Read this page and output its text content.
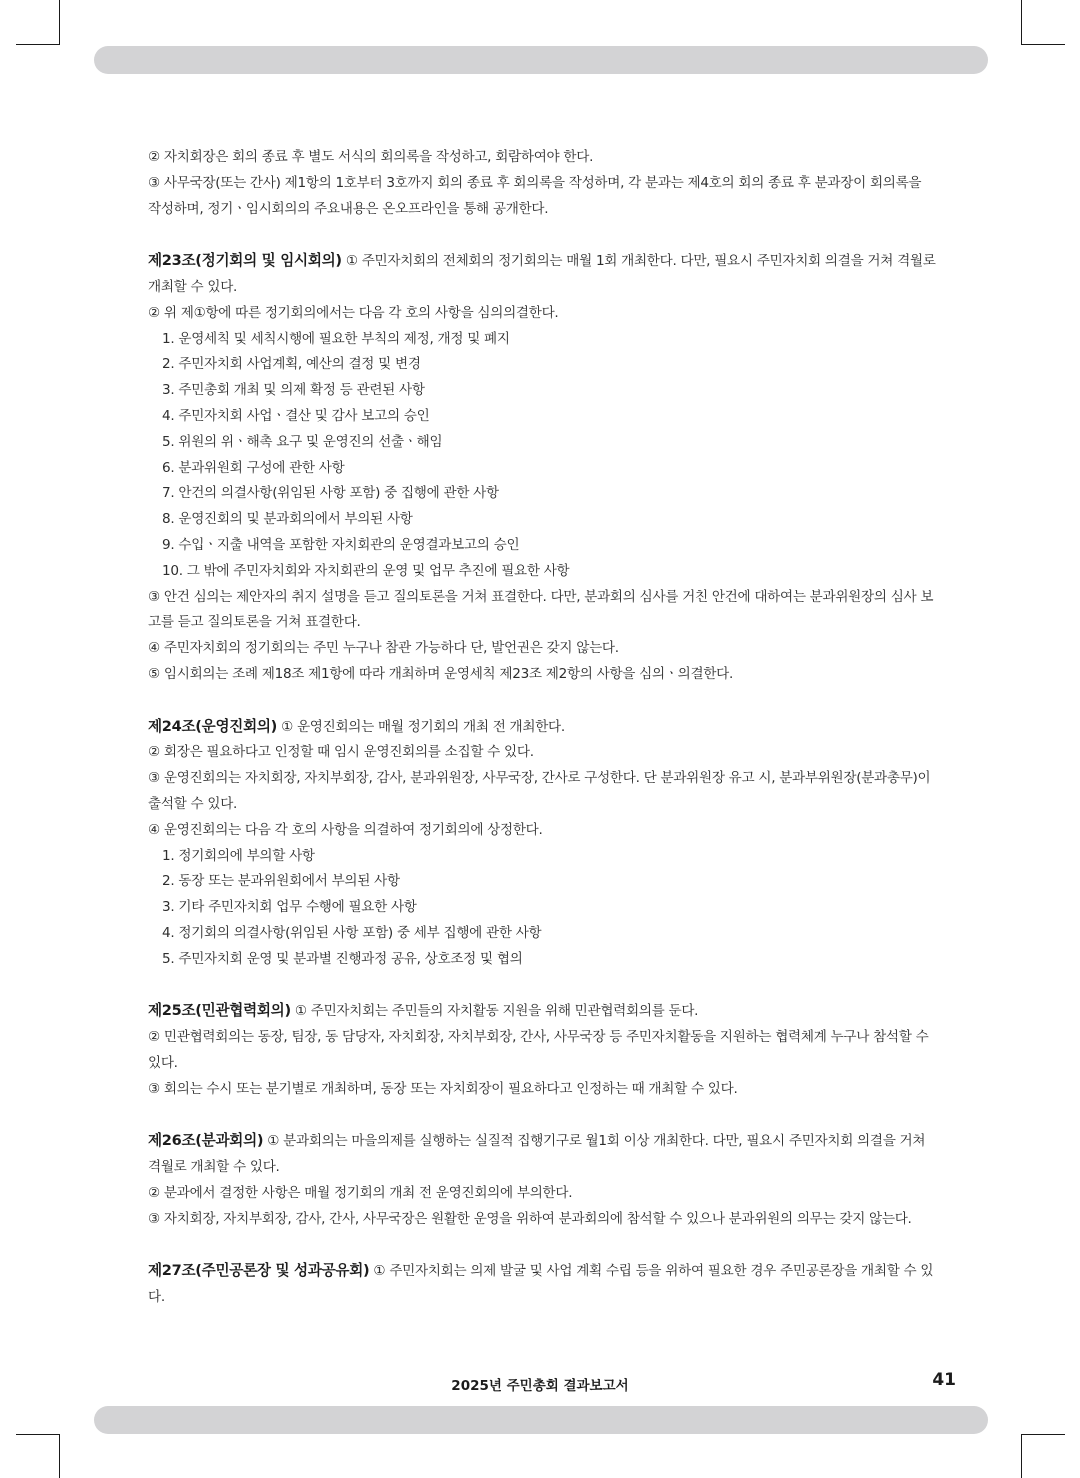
② 자치회장은 회의 종료 후 별도 서식의 회의록을 작성하고, 회람하여야 한다.

③ 사무국장(또는 간사) 제1항의 1호부터 3호까지 회의 종료 후 회의록을 작성하며, 각 분과는 제4호의 회의 종료 후 분과장이 회의록을 작성하며, 정기ㆍ임시회의의 주요내용은 온오프라인을 통해 공개한다.

제23조(정기회의 및 임시회의) ① 주민자치회의 전체회의 정기회의는 매월 1회 개최한다. 다만, 필요시 주민자치회 의결을 거쳐 격월로 개최할 수 있다.

② 위 제①항에 따른 정기회의에서는 다음 각 호의 사항을 심의의결한다.

1. 운영세칙 및 세칙시행에 필요한 부칙의 제정, 개정 및 폐지

2. 주민자치회 사업계획, 예산의 결정 및 변경

3. 주민총회 개최 및 의제 확정 등 관련된 사항

4. 주민자치회 사업ㆍ결산 및 감사 보고의 승인

5. 위원의 위ㆍ해촉 요구 및 운영진의 선출ㆍ해임

6. 분과위원회 구성에 관한 사항

7. 안건의 의결사항(위임된 사항 포함) 중 집행에 관한 사항

8. 운영진회의 및 분과회의에서 부의된 사항

9. 수입ㆍ지출 내역을 포함한 자치회관의 운영결과보고의 승인

10. 그 밖에 주민자치회와 자치회관의 운영 및 업무 추진에 필요한 사항

③ 안건 심의는 제안자의 취지 설명을 듣고 질의토론을 거쳐 표결한다. 다만, 분과회의 심사를 거친 안건에 대하여는 분과위원장의 심사 보고를 듣고 질의토론을 거쳐 표결한다.

④ 주민자치회의 정기회의는 주민 누구나 참관 가능하다 단, 발언권은 갖지 않는다.

⑤ 임시회의는 조례 제18조 제1항에 따라 개최하며 운영세칙 제23조 제2항의 사항을 심의ㆍ의결한다.

제24조(운영진회의) ① 운영진회의는 매월 정기회의 개최 전 개최한다.

② 회장은 필요하다고 인정할 때 임시 운영진회의를 소집할 수 있다.

③ 운영진회의는 자치회장, 자치부회장, 감사, 분과위원장, 사무국장, 간사로 구성한다. 단 분과위원장 유고 시, 분과부위원장(분과총무)이 출석할 수 있다.

④ 운영진회의는 다음 각 호의 사항을 의결하여 정기회의에 상정한다.

1. 정기회의에 부의할 사항

2. 동장 또는 분과위원회에서 부의된 사항

3. 기타 주민자치회 업무 수행에 필요한 사항

4. 정기회의 의결사항(위임된 사항 포함) 중 세부 집행에 관한 사항

5. 주민자치회 운영 및 분과별 진행과정 공유, 상호조정 및 협의

제25조(민관협력회의) ① 주민자치회는 주민들의 자치활동 지원을 위해 민관협력회의를 둔다.

② 민관협력회의는 동장, 팀장, 동 담당자, 자치회장, 자치부회장, 간사, 사무국장 등 주민자치활동을 지원하는 협력체계 누구나 참석할 수 있다.

③ 회의는 수시 또는 분기별로 개최하며, 동장 또는 자치회장이 필요하다고 인정하는 때 개최할 수 있다.

제26조(분과회의) ① 분과회의는 마을의제를 실행하는 실질적 집행기구로 월1회 이상 개최한다. 다만, 필요시 주민자치회 의결을 거쳐 격월로 개최할 수 있다.

② 분과에서 결정한 사항은 매월 정기회의 개최 전 운영진회의에 부의한다.

③ 자치회장, 자치부회장, 감사, 간사, 사무국장은 원활한 운영을 위하여 분과회의에 참석할 수 있으나 분과위원의 의무는 갖지 않는다.

제27조(주민공론장 및 성과공유회) ① 주민자치회는 의제 발굴 및 사업 계획 수립 등을 위하여 필요한 경우 주민공론장을 개최할 수 있다.

2025년 주민총회 결과보고서	41
